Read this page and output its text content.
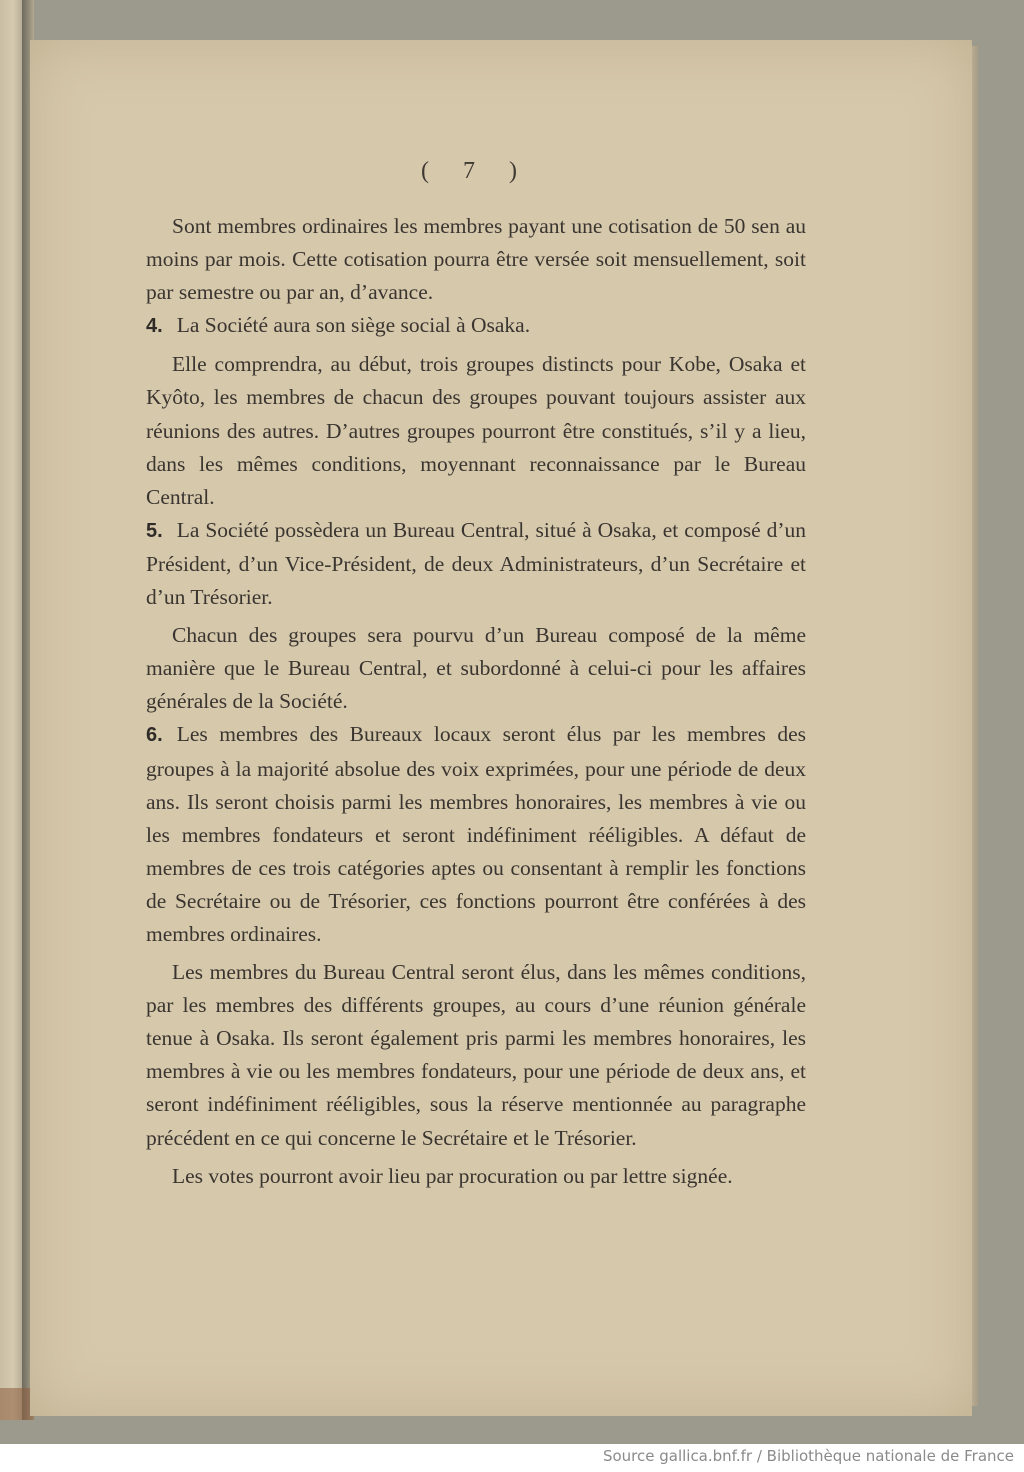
( 7 )

Sont membres ordinaires les membres payant une cotisation de 50 sen au moins par mois. Cette cotisation pourra être versée soit mensuellement, soit par semestre ou par an, d’avance.

4. La Société aura son siège social à Osaka.

Elle comprendra, au début, trois groupes distincts pour Kobe, Osaka et Kyôto, les membres de chacun des groupes pouvant toujours assister aux réunions des autres. D’autres groupes pourront être constitués, s’il y a lieu, dans les mêmes conditions, moyennant reconnaissance par le Bureau Central.

5. La Société possèdera un Bureau Central, situé à Osaka, et composé d’un Président, d’un Vice-Président, de deux Administrateurs, d’un Secrétaire et d’un Trésorier.

Chacun des groupes sera pourvu d’un Bureau composé de la même manière que le Bureau Central, et subordonné à celui-ci pour les affaires générales de la Société.

6. Les membres des Bureaux locaux seront élus par les membres des groupes à la majorité absolue des voix exprimées, pour une période de deux ans. Ils seront choisis parmi les membres honoraires, les membres à vie ou les membres fondateurs et seront indéfiniment rééligibles. A défaut de membres de ces trois catégories aptes ou consentant à remplir les fonctions de Secrétaire ou de Trésorier, ces fonctions pourront être conférées à des membres ordinaires.

Les membres du Bureau Central seront élus, dans les mêmes conditions, par les membres des différents groupes, au cours d’une réunion générale tenue à Osaka. Ils seront également pris parmi les membres honoraires, les membres à vie ou les membres fondateurs, pour une période de deux ans, et seront indéfiniment rééligibles, sous la réserve mentionnée au paragraphe précédent en ce qui concerne le Secrétaire et le Trésorier.

Les votes pourront avoir lieu par procuration ou par lettre signée.

Source gallica.bnf.fr / Bibliothèque nationale de France
